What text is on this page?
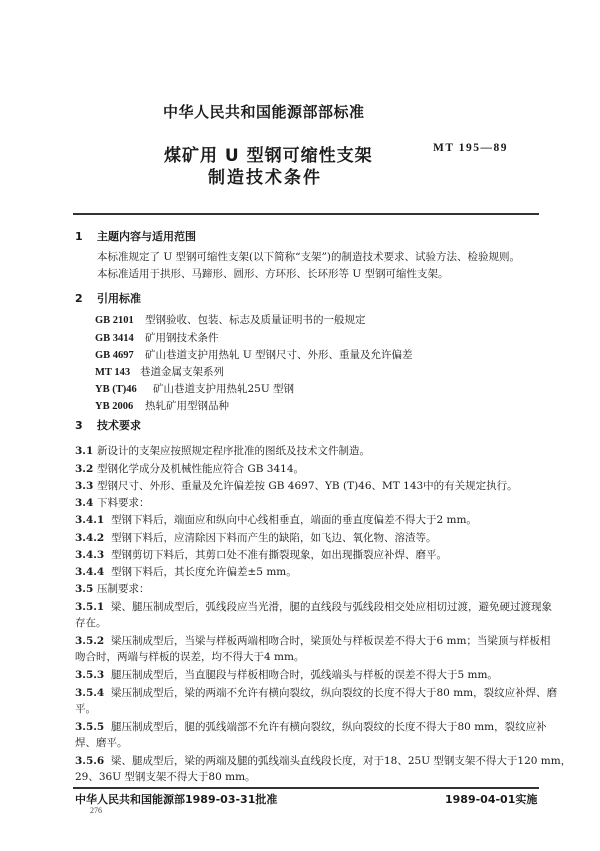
中华人民共和国能源部部标准
煤矿用 U 型钢可缩性支架
制造技术条件
MT 195—89
1 主题内容与适用范围
本标准规定了 U 型钢可缩性支架(以下简称“支架”)的制造技术要求、试验方法、检验规则。
本标准适用于拱形、马蹄形、圆形、方环形、长环形等 U 型钢可缩性支架。
2 引用标准
GB 2101 型钢验收、包装、标志及质量证明书的一般规定
GB 3414 矿用钢技术条件
GB 4697 矿山巷道支护用热轧 U 型钢尺寸、外形、重量及允许偏差
MT 143 巷道金属支架系列
YB (T)46 矿山巷道支护用热轧25U 型钢
YB 2006 热轧矿用型钢品种
3 技术要求
3.1 新设计的支架应按照规定程序批准的图纸及技术文件制造。
3.2 型钢化学成分及机械性能应符合 GB 3414。
3.3 型钢尺寸、外形、重量及允许偏差按 GB 4697、YB (T)46、MT 143中的有关规定执行。
3.4 下料要求：
3.4.1 型钢下料后，端面应和纵向中心线相垂直，端面的垂直度偏差不得大于2 mm。
3.4.2 型钢下料后，应清除因下料而产生的缺陷，如飞边、氧化物、溶渣等。
3.4.3 型钢剪切下料后，其剪口处不准有撕裂现象，如出现撕裂应补焊、磨平。
3.4.4 型钢下料后，其长度允许偏差±5 mm。
3.5 压制要求：
3.5.1 梁、腿压制成型后，弧线段应当光滑，腿的直线段与弧线段相交处应相切过渡，避免硬过渡现象
存在。
3.5.2 梁压制成型后，当梁与样板两端相吻合时，梁顶处与样板误差不得大于6 mm；当梁顶与样板相
吻合时，两端与样板的误差，均不得大于4 mm。
3.5.3 腿压制成型后，当直腿段与样板相吻合时，弧线端头与样板的误差不得大于5 mm。
3.5.4 梁压制成型后，梁的两端不允许有横向裂纹，纵向裂纹的长度不得大于80 mm，裂纹应补焊、磨
平。
3.5.5 腿压制成型后，腿的弧线端部不允许有横向裂纹，纵向裂纹的长度不得大于80 mm，裂纹应补
焊、磨平。
3.5.6 梁、腿成型后，梁的两端及腿的弧线端头直线段长度，对于18、25U 型钢支架不得大于120 mm，
29、36U 型钢支架不得大于80 mm。
中华人民共和国能源部1989-03-31批准	1989-04-01实施
276
